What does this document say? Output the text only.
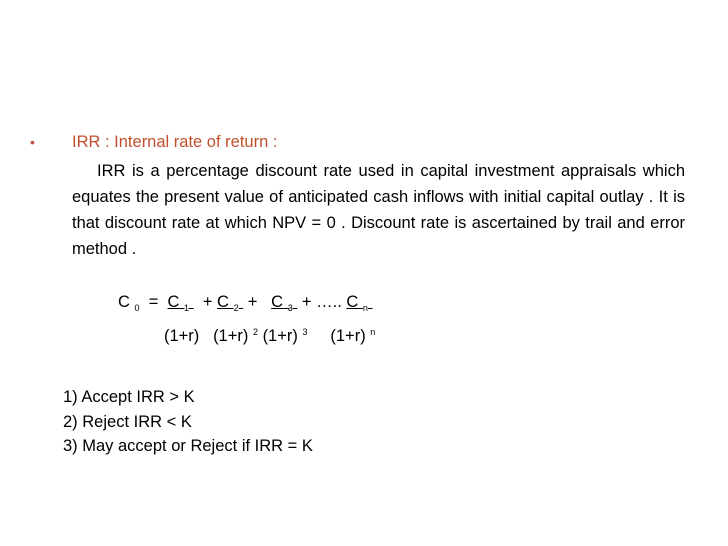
• IRR : Internal rate of return :
IRR is a percentage discount rate used in capital investment appraisals which equates the present value of anticipated cash inflows with initial capital outlay . It is that discount rate at which NPV = 0 . Discount rate is ascertained by trail and error method .
C $_0$ = C $_1$ + C $_2$ + C $_3$ + ….. C $_n$
(1+r) (1+r) $^2$ (1+r) $^3$ (1+r) $^n$
1) Accept IRR > K
2) Reject IRR < K
3) May accept or Reject if IRR = K
